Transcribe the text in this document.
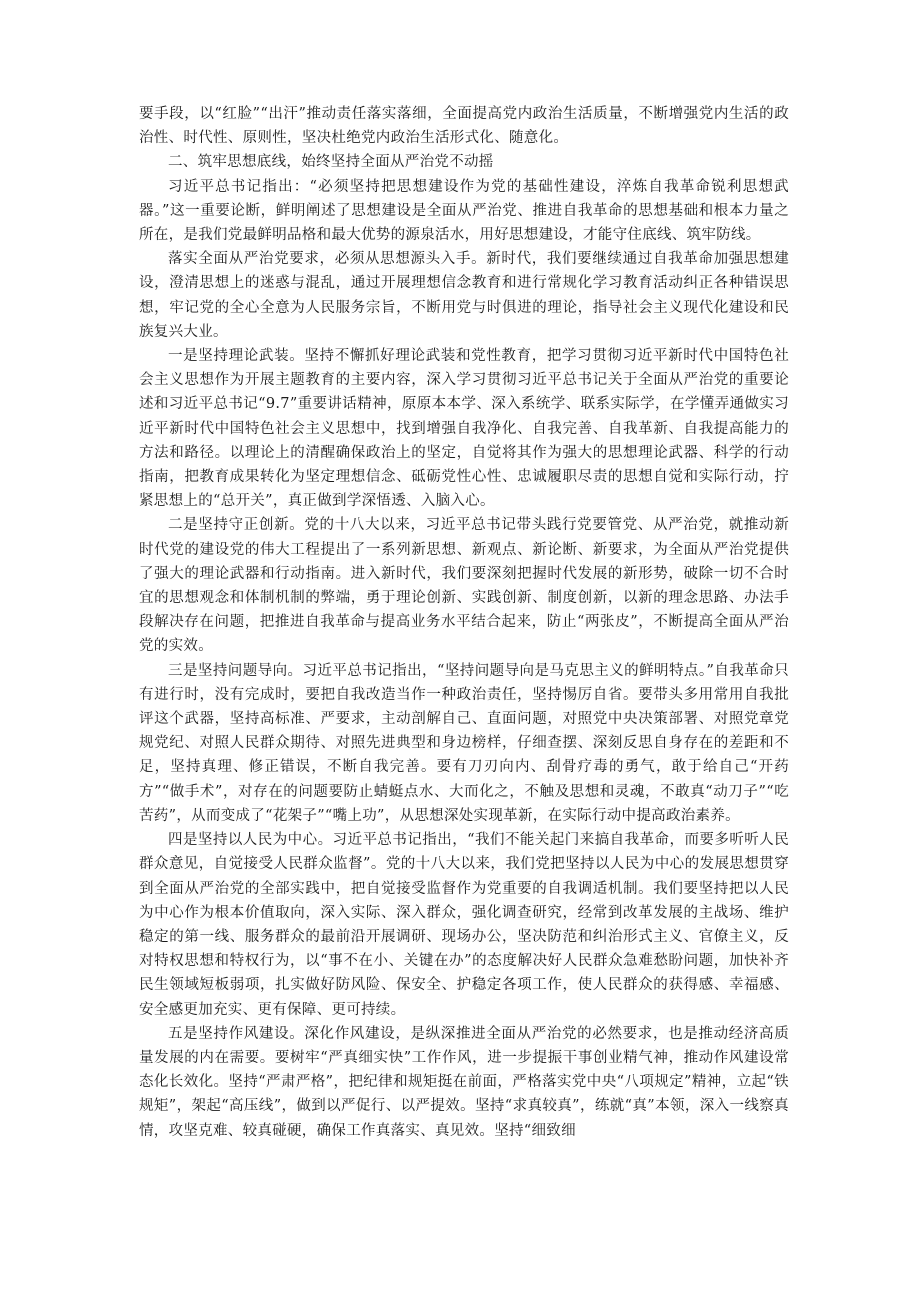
要手段，以“红脸”“出汗”推动责任落实落细，全面提高党内政治生活质量，不断增强党内生活的政治性、时代性、原则性，坚决杜绝党内政治生活形式化、随意化。

二、筑牢思想底线，始终坚持全面从严治党不动摇

习近平总书记指出：“必须坚持把思想建设作为党的基础性建设，淬炼自我革命锐利思想武器。”这一重要论断，鲜明阐述了思想建设是全面从严治党、推进自我革命的思想基础和根本力量之所在，是我们党最鲜明品格和最大优势的源泉活水，用好思想建设，才能守住底线、筑牢防线。

落实全面从严治党要求，必须从思想源头入手。新时代，我们要继续通过自我革命加强思想建设，澄清思想上的迷惑与混乱，通过开展理想信念教育和进行常规化学习教育活动纠正各种错误思想，牢记党的全心全意为人民服务宗旨，不断用党与时俱进的理论，指导社会主义现代化建设和民族复兴大业。

一是坚持理论武装。坚持不懈抓好理论武装和党性教育，把学习贯彻习近平新时代中国特色社会主义思想作为开展主题教育的主要内容，深入学习贯彻习近平总书记关于全面从严治党的重要论述和习近平总书记“9.7”重要讲话精神，原原本本学、深入系统学、联系实际学，在学懂弄通做实习近平新时代中国特色社会主义思想中，找到增强自我净化、自我完善、自我革新、自我提高能力的方法和路径。以理论上的清醒确保政治上的坚定，自觉将其作为强大的思想理论武器、科学的行动指南，把教育成果转化为坚定理想信念、砥砺党性心性、忠诚履职尽责的思想自觉和实际行动，拧紧思想上的“总开关”，真正做到学深悟透、入脑入心。

二是坚持守正创新。党的十八大以来，习近平总书记带头践行党要管党、从严治党，就推动新时代党的建设党的伟大工程提出了一系列新思想、新观点、新论断、新要求，为全面从严治党提供了强大的理论武器和行动指南。进入新时代，我们要深刻把握时代发展的新形势，破除一切不合时宜的思想观念和体制机制的弊端，勇于理论创新、实践创新、制度创新，以新的理念思路、办法手段解决存在问题，把推进自我革命与提高业务水平结合起来，防止“两张皮”，不断提高全面从严治党的实效。

三是坚持问题导向。习近平总书记指出，“坚持问题导向是马克思主义的鲜明特点。”自我革命只有进行时，没有完成时，要把自我改造当作一种政治责任，坚持惕厉自省。要带头多用常用自我批评这个武器，坚持高标准、严要求，主动剖解自己、直面问题，对照党中央决策部署、对照党章党规党纪、对照人民群众期待、对照先进典型和身边榜样，仔细查摆、深刻反思自身存在的差距和不足，坚持真理、修正错误，不断自我完善。要有刀刃向内、刮骨疗毒的勇气，敢于给自己“开药方”“做手术”，对存在的问题要防止蜻蜓点水、大而化之，不触及思想和灵魂，不敢真“动刀子”“吃苦药”，从而变成了“花架子”“嘴上功”，从思想深处实现革新，在实际行动中提高政治素养。

四是坚持以人民为中心。习近平总书记指出，“我们不能关起门来搞自我革命，而要多听听人民群众意见，自觉接受人民群众监督”。党的十八大以来，我们党把坚持以人民为中心的发展思想贯穿到全面从严治党的全部实践中，把自觉接受监督作为党重要的自我调适机制。我们要坚持把以人民为中心作为根本价值取向，深入实际、深入群众，强化调查研究，经常到改革发展的主战场、维护稳定的第一线、服务群众的最前沿开展调研、现场办公，坚决防范和纠治形式主义、官僚主义，反对特权思想和特权行为，以“事不在小、关键在办”的态度解决好人民群众急难愁盼问题，加快补齐民生领域短板弱项，扎实做好防风险、保安全、护稳定各项工作，使人民群众的获得感、幸福感、安全感更加充实、更有保障、更可持续。

五是坚持作风建设。深化作风建设，是纵深推进全面从严治党的必然要求，也是推动经济高质量发展的内在需要。要树牢“严真细实快”工作作风，进一步提振干事创业精气神，推动作风建设常态化长效化。坚持“严肃严格”，把纪律和规矩挺在前面，严格落实党中央“八项规定”精神，立起“铁规矩”，架起“高压线”，做到以严促行、以严提效。坚持“求真较真”，练就“真”本领，深入一线察真情，攻坚克难、较真碰硬，确保工作真落实、真见效。坚持“细致细
